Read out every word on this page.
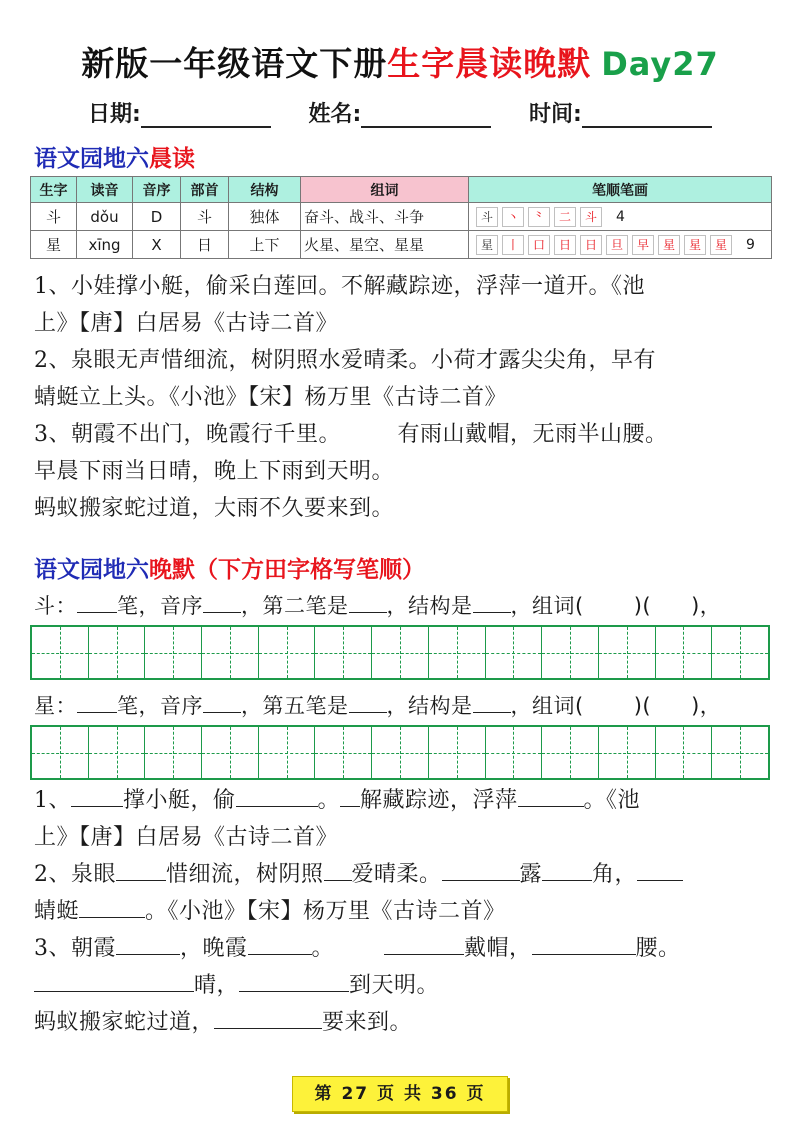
新版一年级语文下册生字晨读晚默 Day27
日期:	姓名:	时间:
语文园地六晨读
生字	读音	音序	部首	结构	组词	笔顺笔画
斗	dǒu	D	斗	独体	奋斗、战斗、斗争	斗 丶 ⺀ 二 斗 4
星	xīng	X	日	上下	火星、星空、星星	星 丨 口 日 日 旦 早 星 星 星 9
1、小娃撑小艇，偷采白莲回。不解藏踪迹，浮萍一道开。《池
上》【唐】白居易《古诗二首》
2、泉眼无声惜细流，树阴照水爱晴柔。小荷才露尖尖角，早有
蜻蜓立上头。《小池》【宋】杨万里《古诗二首》
3、朝霞不出门，晚霞行千里。　　　有雨山戴帽，无雨半山腰。
早晨下雨当日晴，晚上下雨到天明。
蚂蚁搬家蛇过道，大雨不久要来到。
语文园地六晚默（下方田字格写笔顺）
斗： 笔，音序 ，第二笔是 ，结构是 ，组词( )( )，
星： 笔，音序 ，第五笔是 ，结构是 ，组词( )( )，
1、 撑小艇，偷	。 解藏踪迹，浮萍	。《池
上》【唐】白居易《古诗二首》
2、泉眼 惜细流，树阴照 爱晴柔。	露 角，
蜻蜓	。《小池》【宋】杨万里《古诗二首》
3、朝霞	，晚霞	。	戴帽，	腰。
晴，	到天明。
蚂蚁搬家蛇过道，	要来到。
第 27 页 共 36 页
